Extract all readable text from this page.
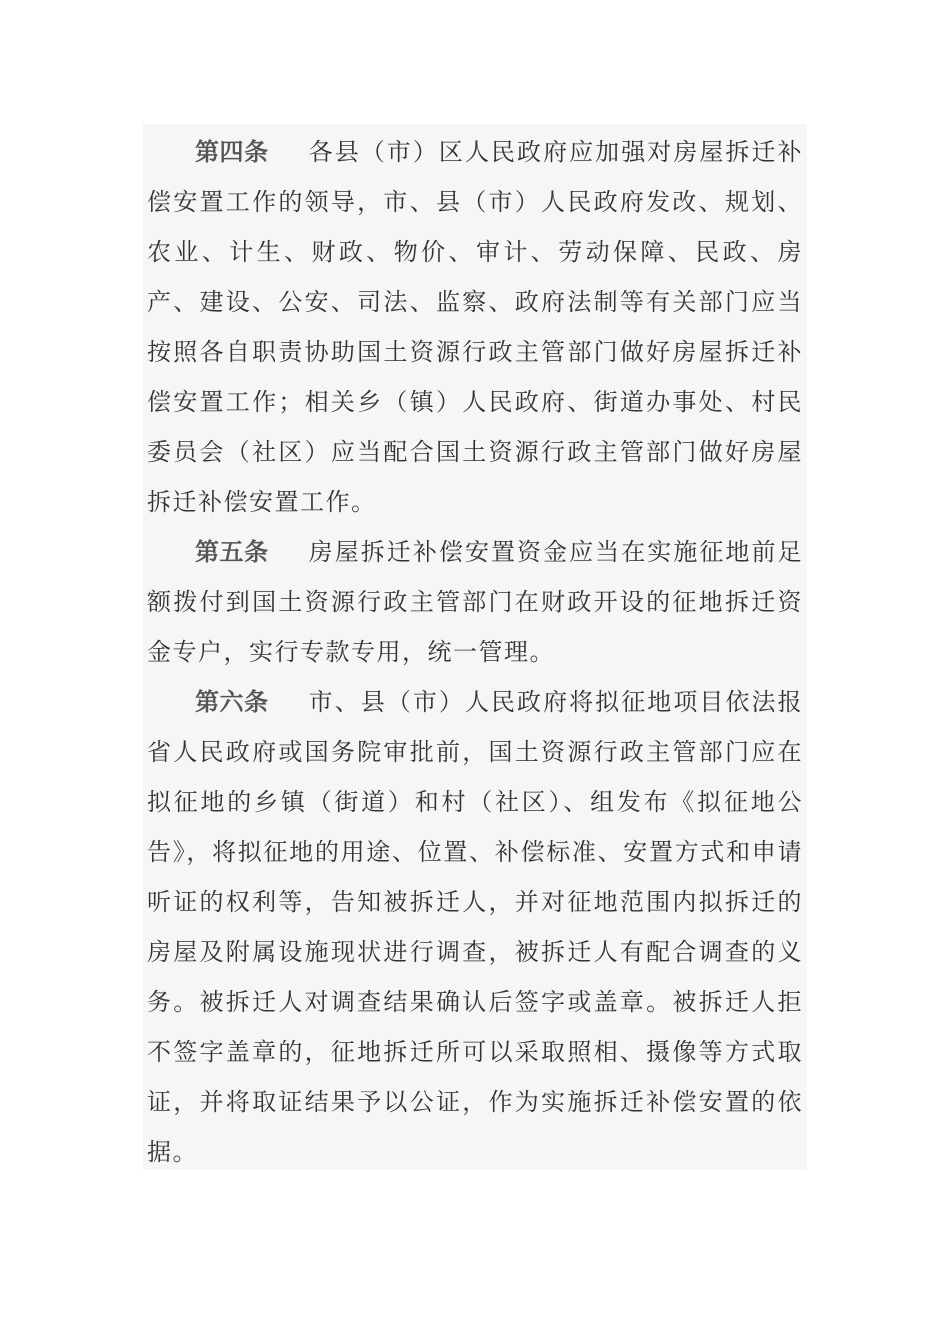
第四条 各县（市）区人民政府应加强对房屋拆迁补偿安置工作的领导，市、县（市）人民政府发改、规划、农业、计生、财政、物价、审计、劳动保障、民政、房产、建设、公安、司法、监察、政府法制等有关部门应当按照各自职责协助国土资源行政主管部门做好房屋拆迁补偿安置工作；相关乡（镇）人民政府、街道办事处、村民委员会（社区）应当配合国土资源行政主管部门做好房屋拆迁补偿安置工作。

第五条 房屋拆迁补偿安置资金应当在实施征地前足额拨付到国土资源行政主管部门在财政开设的征地拆迁资金专户，实行专款专用，统一管理。

第六条 市、县（市）人民政府将拟征地项目依法报省人民政府或国务院审批前，国土资源行政主管部门应在拟征地的乡镇（街道）和村（社区）、组发布《拟征地公告》，将拟征地的用途、位置、补偿标准、安置方式和申请听证的权利等，告知被拆迁人，并对征地范围内拟拆迁的房屋及附属设施现状进行调查，被拆迁人有配合调查的义务。被拆迁人对调查结果确认后签字或盖章。被拆迁人拒不签字盖章的，征地拆迁所可以采取照相、摄像等方式取证，并将取证结果予以公证，作为实施拆迁补偿安置的依据。
